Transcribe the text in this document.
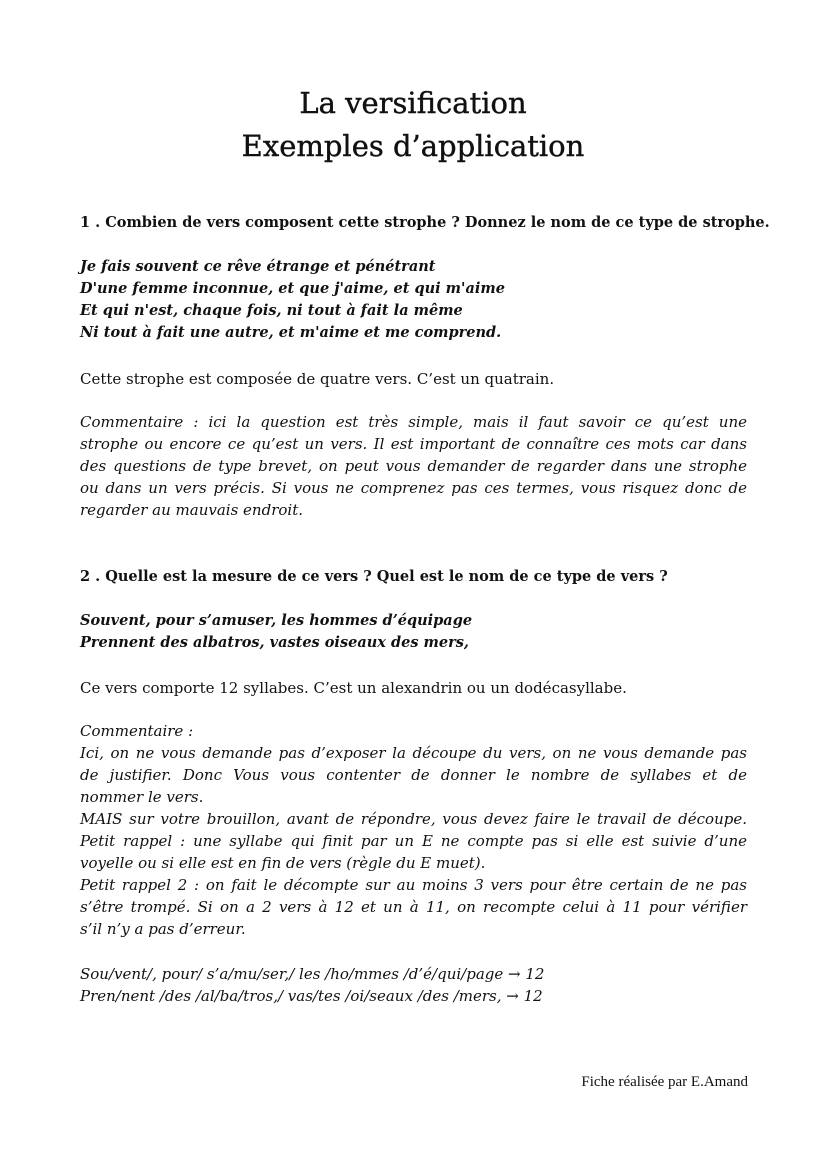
La versification
Exemples d’application
1 . Combien de vers composent cette strophe ? Donnez le nom de ce type de strophe.
Je fais souvent ce rêve étrange et pénétrant
D'une femme inconnue, et que j'aime, et qui m'aime
Et qui n'est, chaque fois, ni tout à fait la même
Ni tout à fait une autre, et m'aime et me comprend.
Cette strophe est composée de quatre vers. C’est un quatrain.
Commentaire : ici la question est très simple, mais il faut savoir ce qu’est une
strophe ou encore ce qu’est un vers. Il est important de connaître ces mots car dans
des questions de type brevet, on peut vous demander de regarder dans une strophe
ou dans un vers précis. Si vous ne comprenez pas ces termes, vous risquez donc de
regarder au mauvais endroit.
2 . Quelle est la mesure de ce vers ? Quel est le nom de ce type de vers ?
Souvent, pour s’amuser, les hommes d’équipage
Prennent des albatros, vastes oiseaux des mers,
Ce vers comporte 12 syllabes. C’est un alexandrin ou un dodécasyllabe.
Commentaire :
Ici, on ne vous demande pas d’exposer la découpe du vers, on ne vous demande pas
de justifier. Donc Vous vous contenter de donner le nombre de syllabes et de
nommer le vers.
MAIS sur votre brouillon, avant de répondre, vous devez faire le travail de découpe.
Petit rappel : une syllabe qui finit par un E ne compte pas si elle est suivie d’une
voyelle ou si elle est en fin de vers (règle du E muet).
Petit rappel 2 : on fait le décompte sur au moins 3 vers pour être certain de ne pas
s’être trompé. Si on a 2 vers à 12 et un à 11, on recompte celui à 11 pour vérifier
s’il n’y a pas d’erreur.
Sou/vent/, pour/ s’a/mu/ser,/ les /ho/mmes /d’é/qui/page → 12
Pren/nent /des /al/ba/tros,/ vas/tes /oi/seaux /des /mers, → 12
Fiche réalisée par E.Amand
